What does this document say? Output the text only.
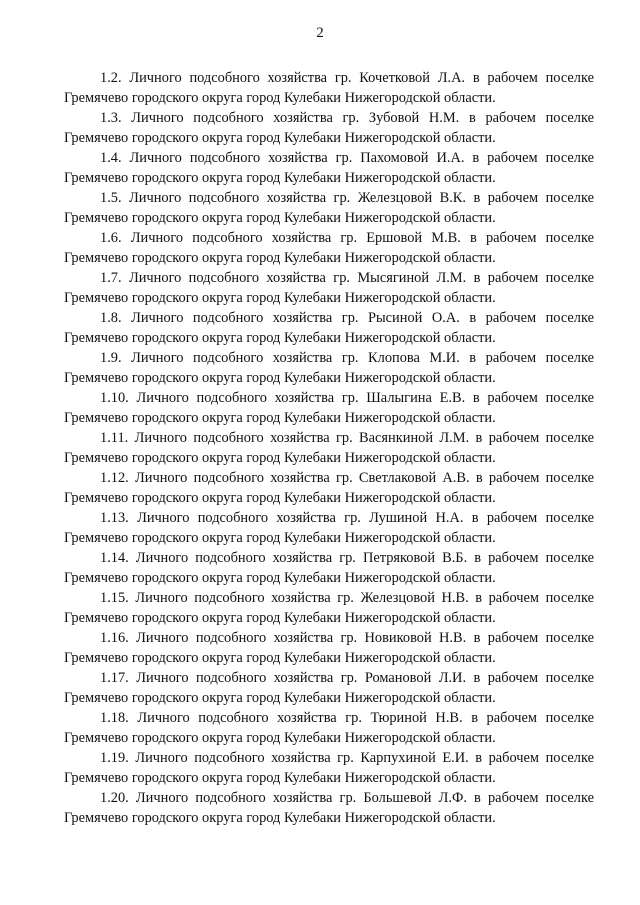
2
1.2. Личного подсобного хозяйства гр. Кочетковой Л.А. в рабочем поселке
Гремячево городского округа город Кулебаки Нижегородской области.
1.3. Личного подсобного хозяйства гр. Зубовой Н.М. в рабочем поселке
Гремячево городского округа город Кулебаки Нижегородской области.
1.4. Личного подсобного хозяйства гр. Пахомовой И.А. в рабочем поселке
Гремячево городского округа город Кулебаки Нижегородской области.
1.5. Личного подсобного хозяйства гр. Железцовой В.К. в рабочем поселке
Гремячево городского округа город Кулебаки Нижегородской области.
1.6. Личного подсобного хозяйства гр. Ершовой М.В. в рабочем поселке
Гремячево городского округа город Кулебаки Нижегородской области.
1.7. Личного подсобного хозяйства гр. Мысягиной Л.М. в рабочем поселке
Гремячево городского округа город Кулебаки Нижегородской области.
1.8. Личного подсобного хозяйства гр. Рысиной О.А. в рабочем поселке
Гремячево городского округа город Кулебаки Нижегородской области.
1.9. Личного подсобного хозяйства гр. Клопова М.И. в рабочем поселке
Гремячево городского округа город Кулебаки Нижегородской области.
1.10. Личного подсобного хозяйства гр. Шалыгина Е.В. в рабочем поселке
Гремячево городского округа город Кулебаки Нижегородской области.
1.11. Личного подсобного хозяйства гр. Васянкиной Л.М. в рабочем поселке
Гремячево городского округа город Кулебаки Нижегородской области.
1.12. Личного подсобного хозяйства гр. Светлаковой А.В. в рабочем поселке
Гремячево городского округа город Кулебаки Нижегородской области.
1.13. Личного подсобного хозяйства гр. Лушиной Н.А. в рабочем поселке
Гремячево городского округа город Кулебаки Нижегородской области.
1.14. Личного подсобного хозяйства гр. Петряковой В.Б. в рабочем поселке
Гремячево городского округа город Кулебаки Нижегородской области.
1.15. Личного подсобного хозяйства гр. Железцовой Н.В. в рабочем поселке
Гремячево городского округа город Кулебаки Нижегородской области.
1.16. Личного подсобного хозяйства гр. Новиковой Н.В. в рабочем поселке
Гремячево городского округа город Кулебаки Нижегородской области.
1.17. Личного подсобного хозяйства гр. Романовой Л.И. в рабочем поселке
Гремячево городского округа город Кулебаки Нижегородской области.
1.18. Личного подсобного хозяйства гр. Тюриной Н.В. в рабочем поселке
Гремячево городского округа город Кулебаки Нижегородской области.
1.19. Личного подсобного хозяйства гр. Карпухиной Е.И. в рабочем поселке
Гремячево городского округа город Кулебаки Нижегородской области.
1.20. Личного подсобного хозяйства гр. Большевой Л.Ф. в рабочем поселке
Гремячево городского округа город Кулебаки Нижегородской области.
